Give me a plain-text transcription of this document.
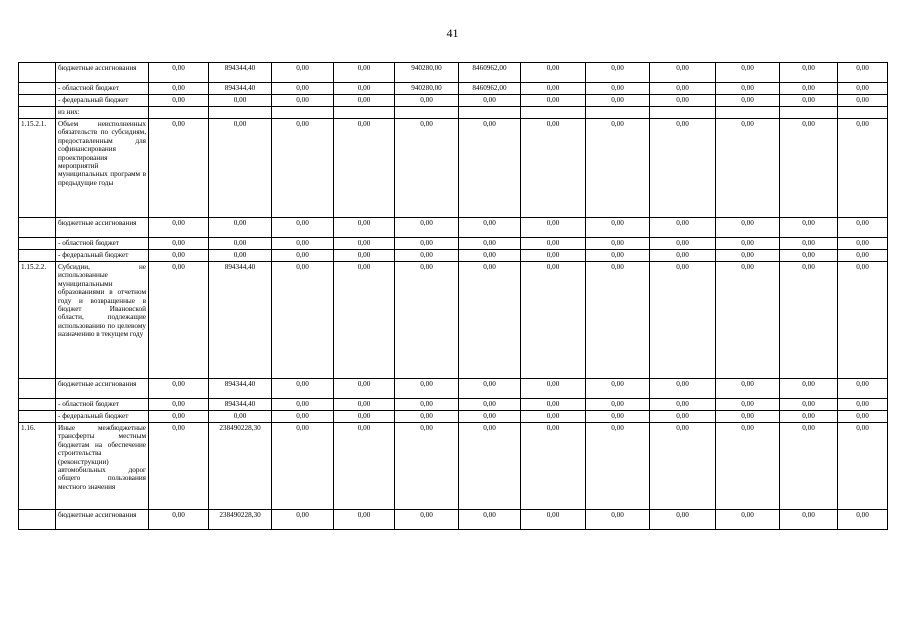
41
	бюджетные ассигнования	0,00	894344,40	0,00	0,00	940280,00	8460962,00	0,00	0,00	0,00	0,00	0,00	0,00
	- областной бюджет	0,00	894344,40	0,00	0,00	940280,00	8460962,00	0,00	0,00	0,00	0,00	0,00	0,00
	- федеральный бюджет	0,00	0,00	0,00	0,00	0,00	0,00	0,00	0,00	0,00	0,00	0,00	0,00
	из них:												
1.15.2.1.	Объем неисполненных обязательств по субсидиям, предоставленным для софинансирования проектирования мероприятий муниципальных программ в предыдущие годы	0,00	0,00	0,00	0,00	0,00	0,00	0,00	0,00	0,00	0,00	0,00	0,00
	бюджетные ассигнования	0,00	0,00	0,00	0,00	0,00	0,00	0,00	0,00	0,00	0,00	0,00	0,00
	- областной бюджет	0,00	0,00	0,00	0,00	0,00	0,00	0,00	0,00	0,00	0,00	0,00	0,00
	- федеральный бюджет	0,00	0,00	0,00	0,00	0,00	0,00	0,00	0,00	0,00	0,00	0,00	0,00
1.15.2.2.	Субсидии, не использованные муниципальными образованиями в отчетном году и возвращенные в бюджет Ивановской области, подлежащие использованию по целевому назначению в текущем году	0,00	894344,40	0,00	0,00	0,00	0,00	0,00	0,00	0,00	0,00	0,00	0,00
	бюджетные ассигнования	0,00	894344,40	0,00	0,00	0,00	0,00	0,00	0,00	0,00	0,00	0,00	0,00
	- областной бюджет	0,00	894344,40	0,00	0,00	0,00	0,00	0,00	0,00	0,00	0,00	0,00	0,00
	- федеральный бюджет	0,00	0,00	0,00	0,00	0,00	0,00	0,00	0,00	0,00	0,00	0,00	0,00
1.16.	Иные межбюджетные трансферты местным бюджетам на обеспечение строительства (реконструкции) автомобильных дорог общего пользования местного значения	0,00	238490228,30	0,00	0,00	0,00	0,00	0,00	0,00	0,00	0,00	0,00	0,00
	бюджетные ассигнования	0,00	238490228,30	0,00	0,00	0,00	0,00	0,00	0,00	0,00	0,00	0,00	0,00
